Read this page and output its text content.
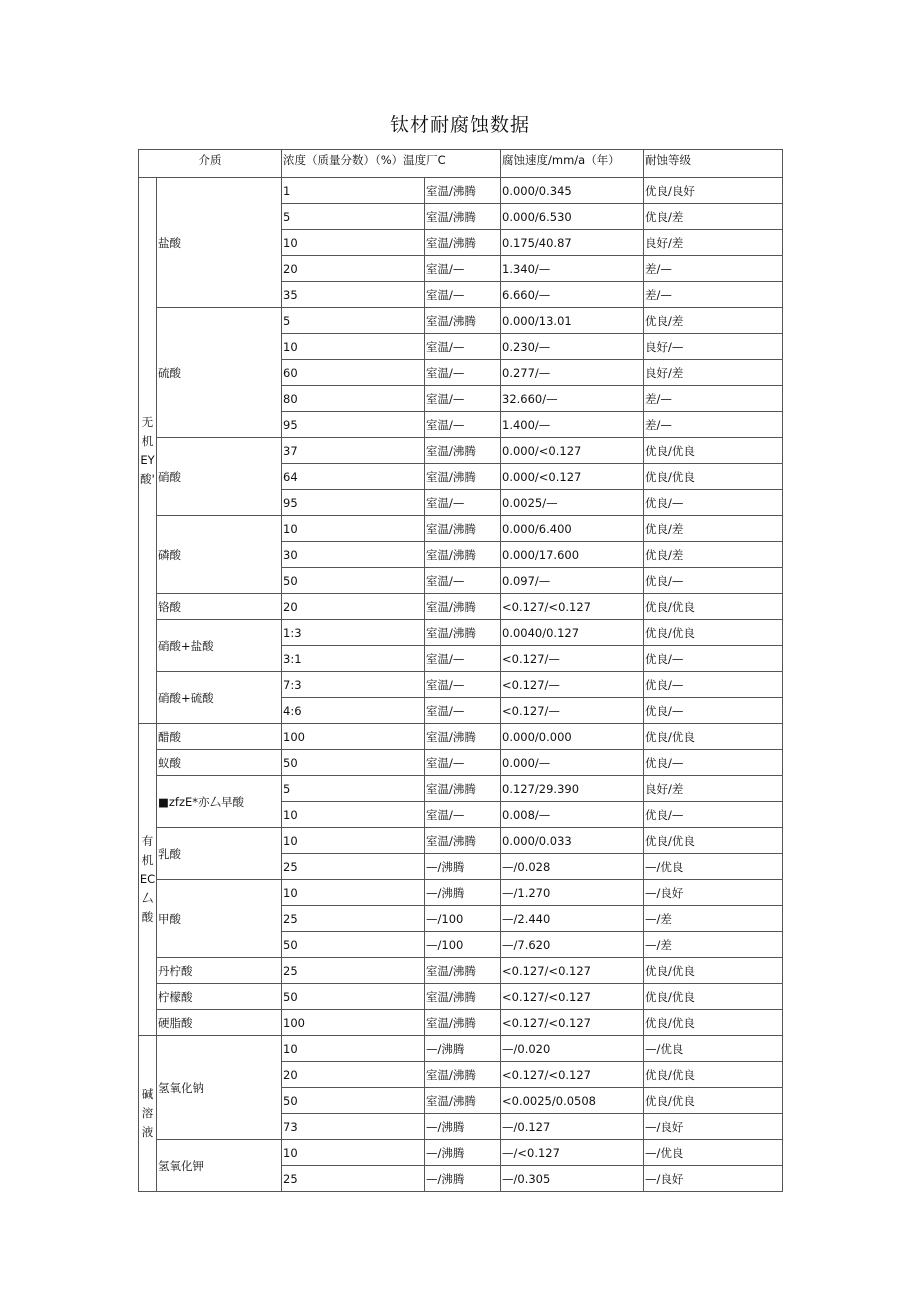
钛材耐腐蚀数据
介质		浓度（质量分数）（%）温度厂C		腐蚀速度/mm/a（年）	耐蚀等级
无机EY酸'	盐酸	1	室温/沸腾	0.000/0.345	优良/良好
		5	室温/沸腾	0.000/6.530	优良/差
		10	室温/沸腾	0.175/40.87	良好/差
		20	室温/—	1.340/—	差/—
		35	室温/—	6.660/—	差/—
	硫酸	5	室温/沸腾	0.000/13.01	优良/差
		10	室温/—	0.230/—	良好/—
		60	室温/—	0.277/—	良好/差
		80	室温/—	32.660/—	差/—
		95	室温/—	1.400/—	差/—
	硝酸	37	室温/沸腾	0.000/<0.127	优良/优良
		64	室温/沸腾	0.000/<0.127	优良/优良
		95	室温/—	0.0025/—	优良/—
	磷酸	10	室温/沸腾	0.000/6.400	优良/差
		30	室温/沸腾	0.000/17.600	优良/差
		50	室温/—	0.097/—	优良/—
	铬酸	20	室温/沸腾	<0.127/<0.127	优良/优良
	硝酸+盐酸	1:3	室温/沸腾	0.0040/0.127	优良/优良
		3:1	室温/—	<0.127/—	优良/—
	硝酸+硫酸	7:3	室温/—	<0.127/—	优良/—
		4:6	室温/—	<0.127/—	优良/—
有机EC厶酸	醋酸	100	室温/沸腾	0.000/0.000	优良/优良
	蚁酸	50	室温/—	0.000/—	优良/—
	■zfzE*亦厶早酸	5	室温/沸腾	0.127/29.390	良好/差
		10	室温/—	0.008/—	优良/—
	乳酸	10	室温/沸腾	0.000/0.033	优良/优良
		25	—/沸腾	—/0.028	—/优良
	甲酸	10	—/沸腾	—/1.270	—/良好
		25	—/100	—/2.440	—/差
		50	—/100	—/7.620	—/差
	丹柠酸	25	室温/沸腾	<0.127/<0.127	优良/优良
	柠檬酸	50	室温/沸腾	<0.127/<0.127	优良/优良
	硬脂酸	100	室温/沸腾	<0.127/<0.127	优良/优良
碱溶液	氢氧化钠	10	—/沸腾	—/0.020	—/优良
		20	室温/沸腾	<0.127/<0.127	优良/优良
		50	室温/沸腾	<0.0025/0.0508	优良/优良
		73	—/沸腾	—/0.127	—/良好
	氢氧化钾	10	—/沸腾	—/<0.127	—/优良
		25	—/沸腾	—/0.305	—/良好
